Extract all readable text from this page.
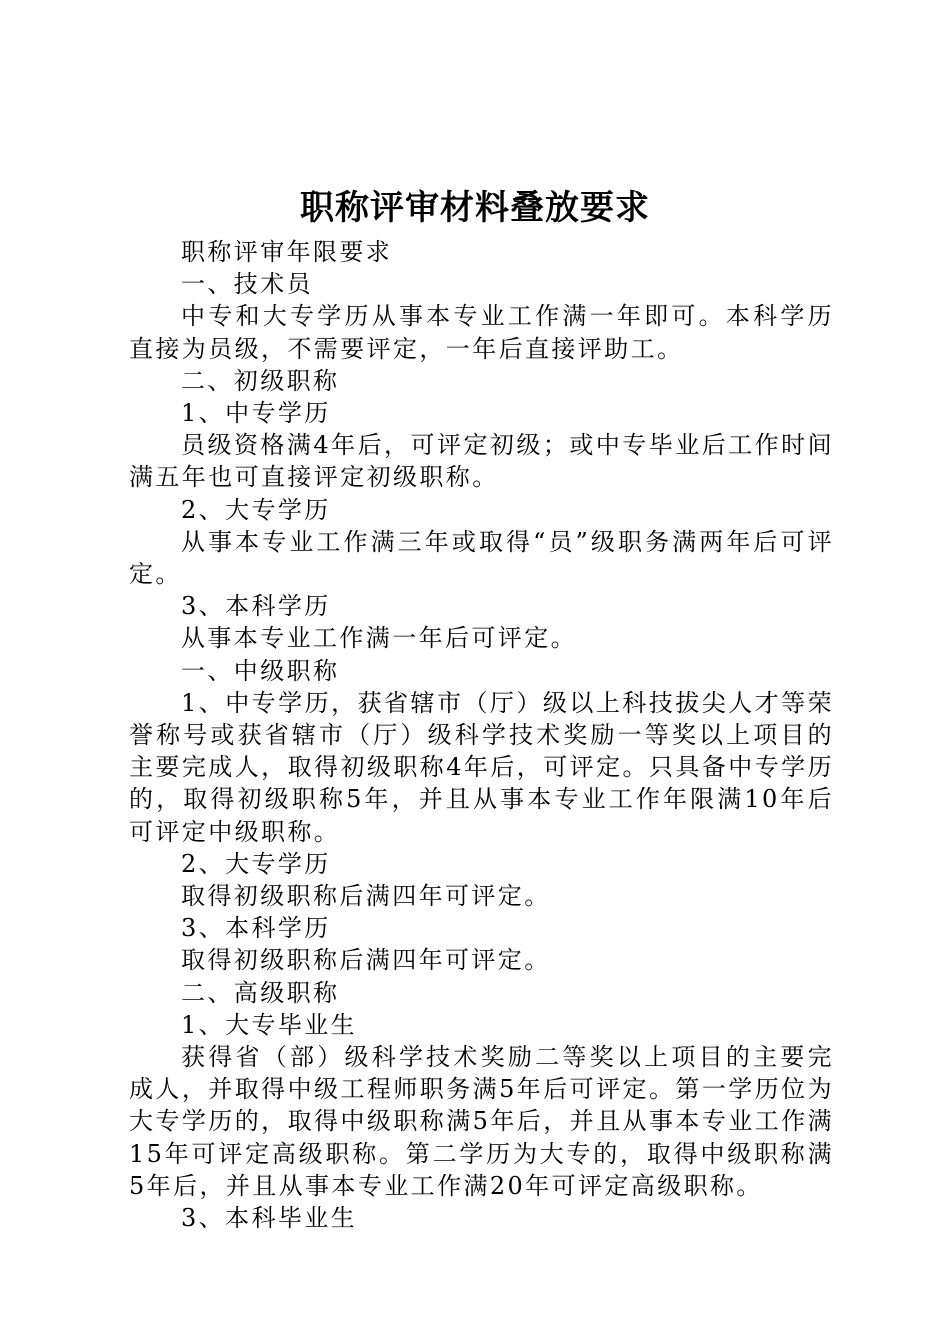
职称评审材料叠放要求

职称评审年限要求

一、技术员

中专和大专学历从事本专业工作满一年即可。本科学历直接为员级，不需要评定，一年后直接评助工。

二、初级职称

1、中专学历

员级资格满4年后，可评定初级；或中专毕业后工作时间满五年也可直接评定初级职称。

2、大专学历

从事本专业工作满三年或取得“员”级职务满两年后可评定。

3、本科学历

从事本专业工作满一年后可评定。

一、中级职称

1、中专学历，获省辖市（厅）级以上科技拔尖人才等荣誉称号或获省辖市（厅）级科学技术奖励一等奖以上项目的主要完成人，取得初级职称4年后，可评定。只具备中专学历的，取得初级职称5年，并且从事本专业工作年限满10年后可评定中级职称。

2、大专学历

取得初级职称后满四年可评定。

3、本科学历

取得初级职称后满四年可评定。

二、高级职称

1、大专毕业生

获得省（部）级科学技术奖励二等奖以上项目的主要完成人，并取得中级工程师职务满5年后可评定。第一学历位为大专学历的，取得中级职称满5年后，并且从事本专业工作满15年可评定高级职称。第二学历为大专的，取得中级职称满5年后，并且从事本专业工作满20年可评定高级职称。

3、本科毕业生
